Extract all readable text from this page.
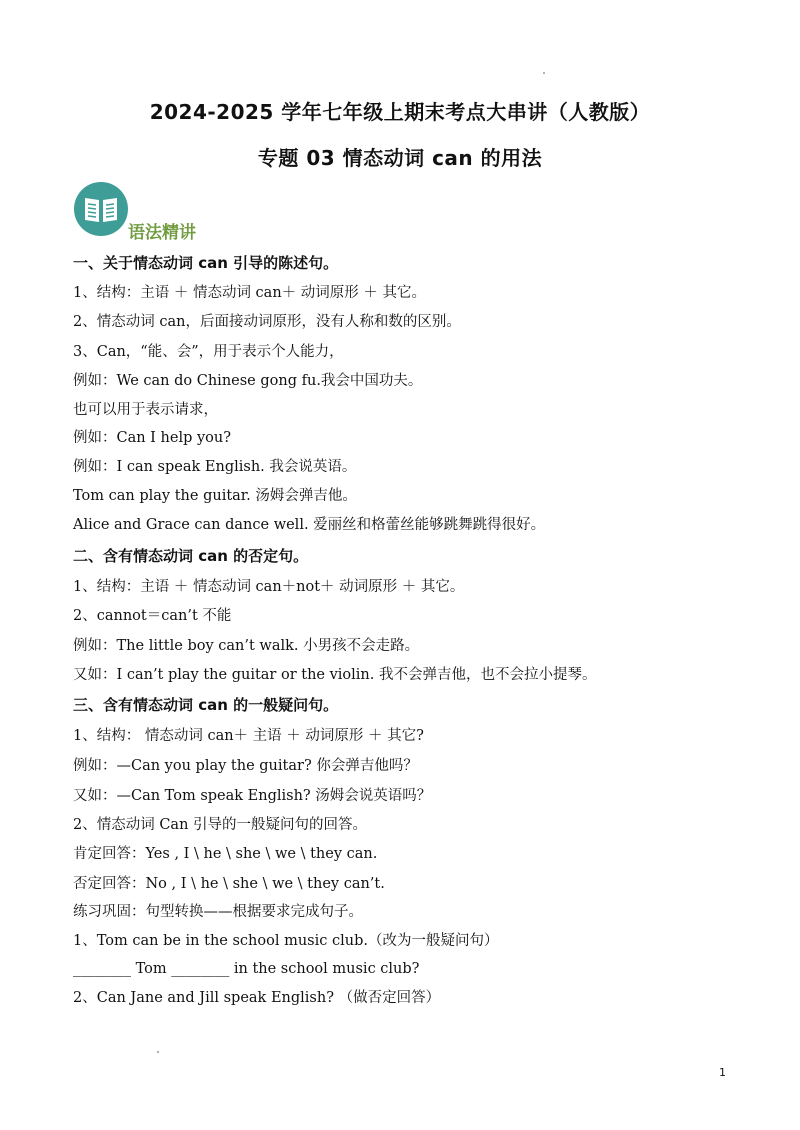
2024-2025 学年七年级上期末考点大串讲（人教版）
专题 03 情态动词 can 的用法
语法精讲
一、关于情态动词 can 引导的陈述句。
1、结构：主语 ＋ 情态动词 can＋ 动词原形 ＋ 其它。
2、情态动词 can，后面接动词原形，没有人称和数的区别。
3、Can，“能、会”，用于表示个人能力，
例如：We can do Chinese gong fu.我会中国功夫。
也可以用于表示请求，
例如：Can I help you?
例如：I can speak English. 我会说英语。
Tom can play the guitar. 汤姆会弹吉他。
Alice and Grace can dance well. 爱丽丝和格蕾丝能够跳舞跳得很好。
二、含有情态动词 can 的否定句。
1、结构：主语 ＋ 情态动词 can＋not＋ 动词原形 ＋ 其它。
2、cannot＝can’t 不能
例如：The little boy can’t walk. 小男孩不会走路。
又如：I can’t play the guitar or the violin. 我不会弹吉他，也不会拉小提琴。
三、含有情态动词 can 的一般疑问句。
1、结构： 情态动词 can＋ 主语 ＋ 动词原形 ＋ 其它?
例如：—Can you play the guitar? 你会弹吉他吗？
又如：—Can Tom speak English? 汤姆会说英语吗？
2、情态动词 Can 引导的一般疑问句的回答。
肯定回答：Yes , I \ he \ she \ we \ they can.
否定回答：No , I \ he \ she \ we \ they can’t.
练习巩固：句型转换——根据要求完成句子。
1、Tom can be in the school music club.（改为一般疑问句）
________ Tom ________ in the school music club?
2、Can Jane and Jill speak English? （做否定回答）
1
